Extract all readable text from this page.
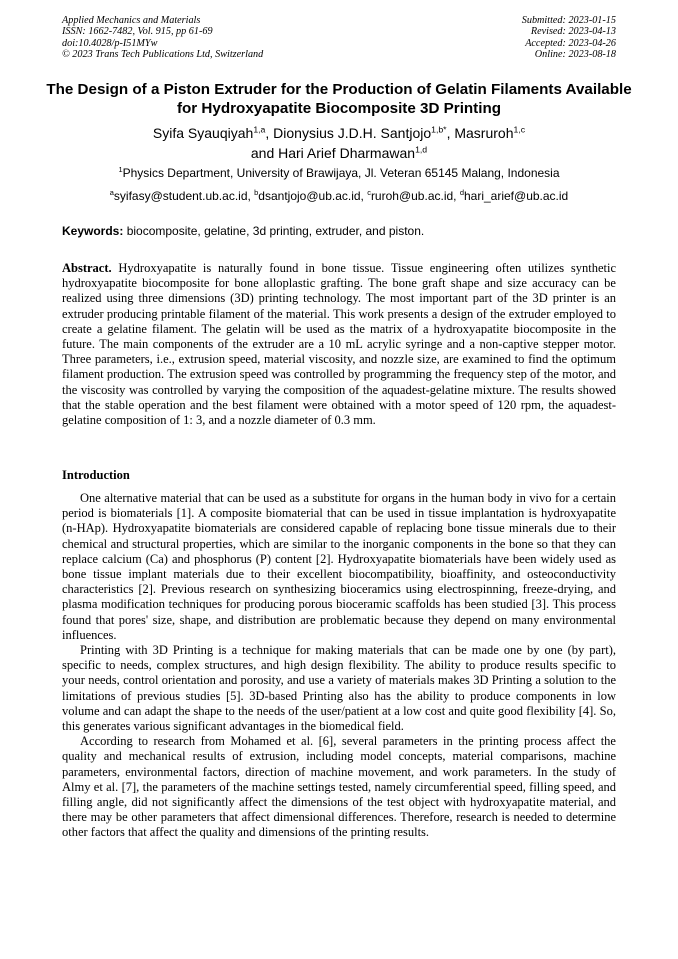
Applied Mechanics and Materials
ISSN: 1662-7482, Vol. 915, pp 61-69
doi:10.4028/p-I51MYw
© 2023 Trans Tech Publications Ltd, Switzerland
Submitted: 2023-01-15
Revised: 2023-04-13
Accepted: 2023-04-26
Online: 2023-08-18
The Design of a Piston Extruder for the Production of Gelatin Filaments Available for Hydroxyapatite Biocomposite 3D Printing
Syifa Syauqiyah$^{1,a}$, Dionysius J.D.H. Santjojo$^{1,b*}$, Masruroh$^{1,c}$
and Hari Arief Dharmawan$^{1,d}$
$^1$Physics Department, University of Brawijaya, Jl. Veteran 65145 Malang, Indonesia
$^a$syifasy@student.ub.ac.id, $^b$dsantjojo@ub.ac.id, $^c$ruroh@ub.ac.id, $^d$hari_arief@ub.ac.id
Keywords: biocomposite, gelatine, 3d printing, extruder, and piston.

Abstract. Hydroxyapatite is naturally found in bone tissue. Tissue engineering often utilizes synthetic hydroxyapatite biocomposite for bone alloplastic grafting. The bone graft shape and size accuracy can be realized using three dimensions (3D) printing technology. The most important part of the 3D printer is an extruder producing printable filament of the material. This work presents a design of the extruder employed to create a gelatine filament. The gelatin will be used as the matrix of a hydroxyapatite biocomposite in the future. The main components of the extruder are a 10 mL acrylic syringe and a non-captive stepper motor. Three parameters, i.e., extrusion speed, material viscosity, and nozzle size, are examined to find the optimum filament production. The extrusion speed was controlled by programming the frequency step of the motor, and the viscosity was controlled by varying the composition of the aquadest-gelatine mixture. The results showed that the stable operation and the best filament were obtained with a motor speed of 120 rpm, the aquadest-gelatine composition of 1: 3, and a nozzle diameter of 0.3 mm.

Introduction

One alternative material that can be used as a substitute for organs in the human body in vivo for a certain period is biomaterials [1]. A composite biomaterial that can be used in tissue implantation is hydroxyapatite (n-HAp). Hydroxyapatite biomaterials are considered capable of replacing bone tissue minerals due to their chemical and structural properties, which are similar to the inorganic components in the bone so that they can replace calcium (Ca) and phosphorus (P) content [2]. Hydroxyapatite biomaterials have been widely used as bone tissue implant materials due to their excellent biocompatibility, bioaffinity, and osteoconductivity characteristics [2]. Previous research on synthesizing bioceramics using electrospinning, freeze-drying, and plasma modification techniques for producing porous bioceramic scaffolds has been studied [3]. This process found that pores' size, shape, and distribution are problematic because they depend on many environmental influences.

Printing with 3D Printing is a technique for making materials that can be made one by one (by part), specific to needs, complex structures, and high design flexibility. The ability to produce results specific to your needs, control orientation and porosity, and use a variety of materials makes 3D Printing a solution to the limitations of previous studies [5]. 3D-based Printing also has the ability to produce components in low volume and can adapt the shape to the needs of the user/patient at a low cost and quite good flexibility [4]. So, this generates various significant advantages in the biomedical field.

According to research from Mohamed et al. [6], several parameters in the printing process affect the quality and mechanical results of extrusion, including model concepts, material comparisons, machine parameters, environmental factors, direction of machine movement, and work parameters. In the study of Almy et al. [7], the parameters of the machine settings tested, namely circumferential speed, filling speed, and filling angle, did not significantly affect the dimensions of the test object with hydroxyapatite material, and there may be other parameters that affect dimensional differences. Therefore, research is needed to determine other factors that affect the quality and dimensions of the printing results.
